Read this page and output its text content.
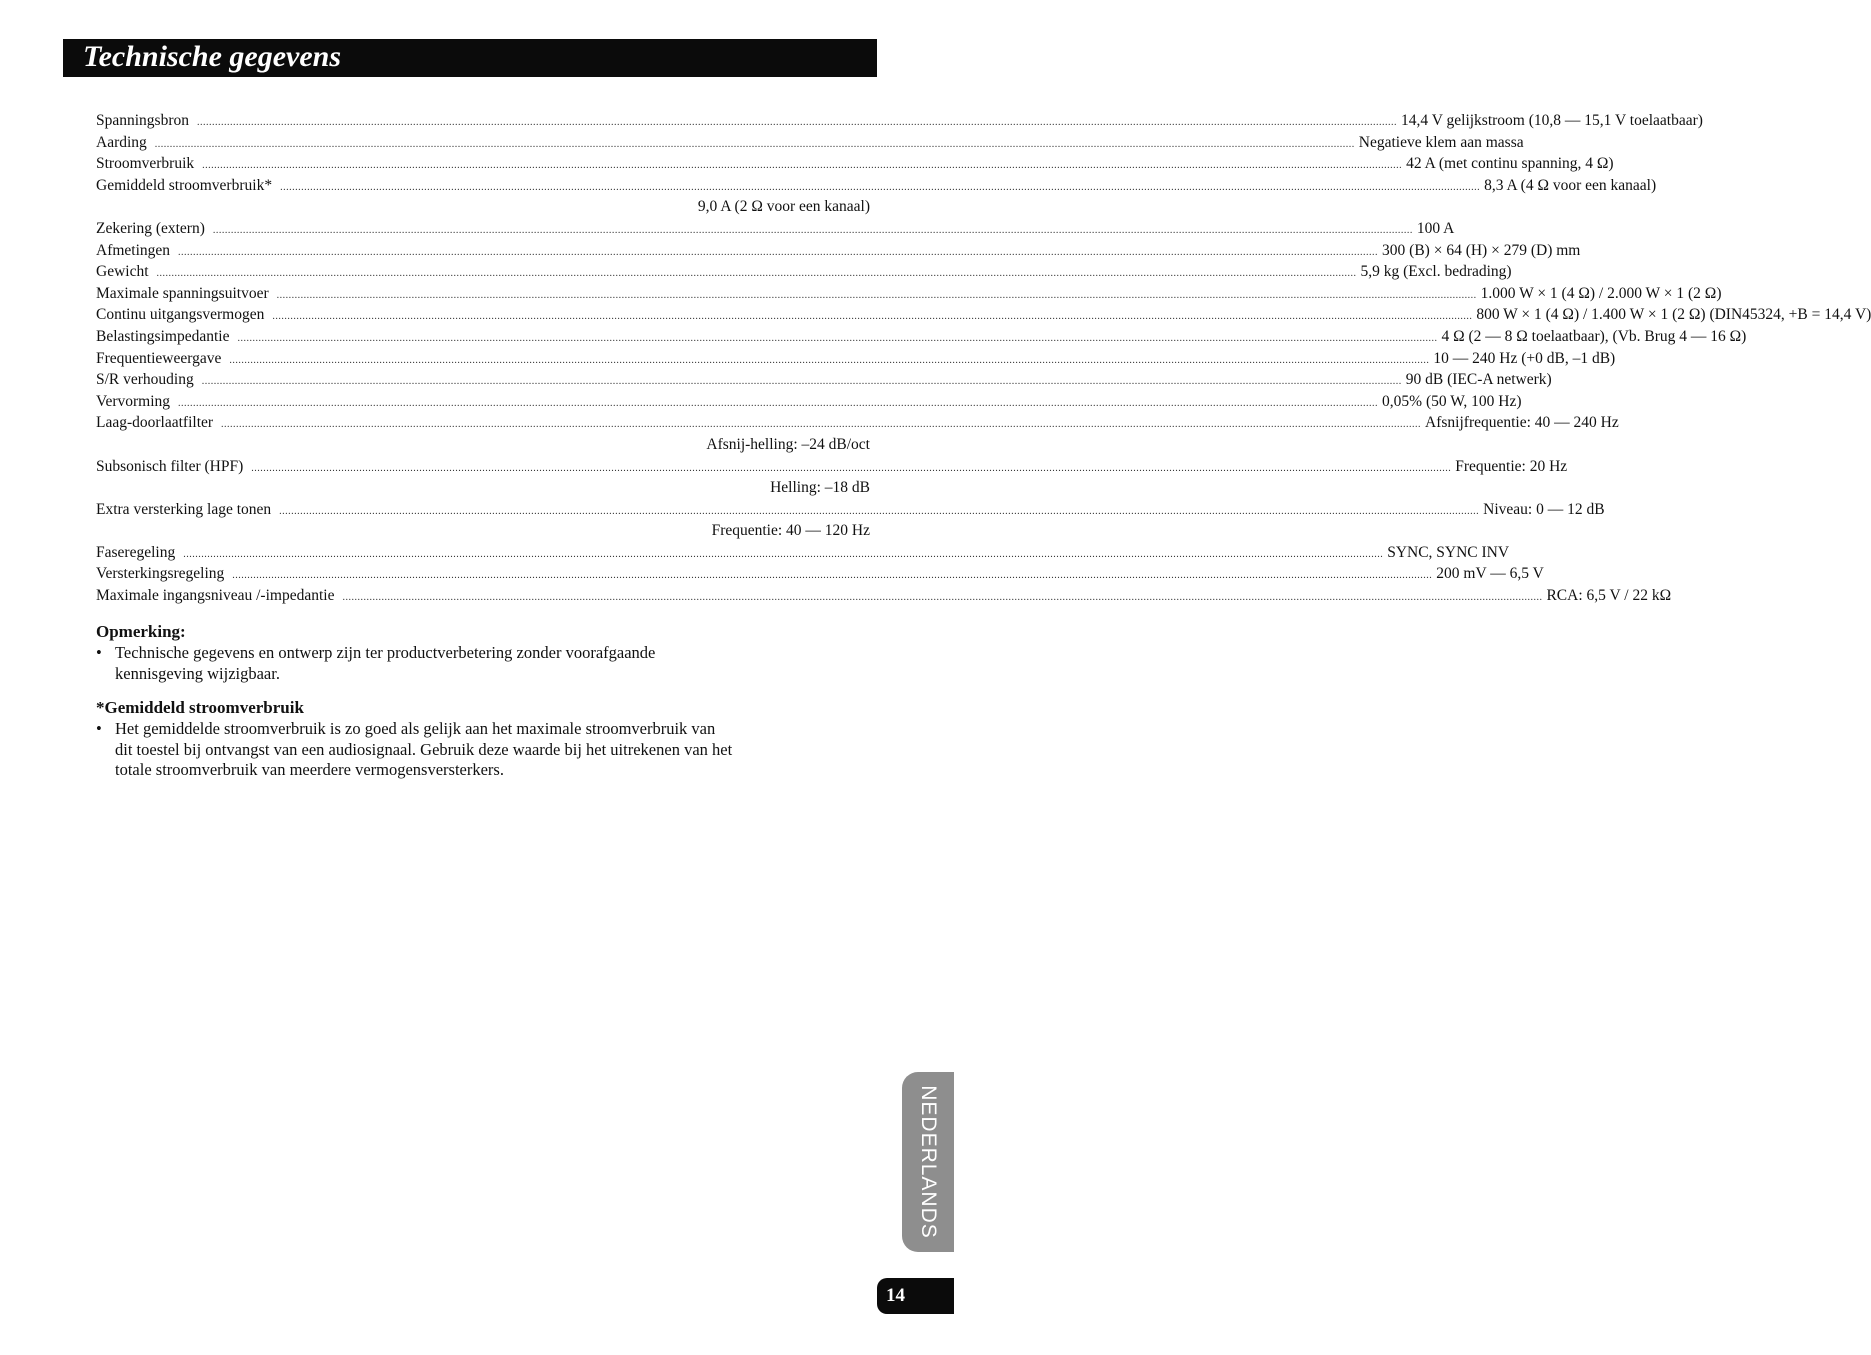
Technische gegevens
Spanningsbron ................................................................................................................................................................................................................................................................................................................................................................................................................ 14,4 V gelijkstroom (10,8 — 15,1 V toelaatbaar)
Aarding ................................................................................................................................................................................................................................................................................................................................................................................................................ Negatieve klem aan massa
Stroomverbruik ................................................................................................................................................................................................................................................................................................................................................................................................................ 42 A (met continu spanning, 4 Ω)
Gemiddeld stroomverbruik* ................................................................................................................................................................................................................................................................................................................................................................................................................ 8,3 A (4 Ω voor een kanaal)
9,0 A (2 Ω voor een kanaal)
Zekering (extern) ................................................................................................................................................................................................................................................................................................................................................................................................................ 100 A
Afmetingen ................................................................................................................................................................................................................................................................................................................................................................................................................ 300 (B) × 64 (H) × 279 (D) mm
Gewicht ................................................................................................................................................................................................................................................................................................................................................................................................................ 5,9 kg (Excl. bedrading)
Maximale spanningsuitvoer ................................................................................................................................................................................................................................................................................................................................................................................................................ 1.000 W × 1 (4 Ω) / 2.000 W × 1 (2 Ω)
Continu uitgangsvermogen ................................................................................................................................................................................................................................................................................................................................................................................................................ 800 W × 1 (4 Ω) / 1.400 W × 1 (2 Ω) (DIN45324, +B = 14,4 V)
Belastingsimpedantie ................................................................................................................................................................................................................................................................................................................................................................................................................ 4 Ω (2 — 8 Ω toelaatbaar), (Vb. Brug 4 — 16 Ω)
Frequentieweergave ................................................................................................................................................................................................................................................................................................................................................................................................................ 10 — 240 Hz (+0 dB, –1 dB)
S/R verhouding ................................................................................................................................................................................................................................................................................................................................................................................................................ 90 dB (IEC-A netwerk)
Vervorming ................................................................................................................................................................................................................................................................................................................................................................................................................ 0,05% (50 W, 100 Hz)
Laag-doorlaatfilter ................................................................................................................................................................................................................................................................................................................................................................................................................ Afsnijfrequentie: 40 — 240 Hz
Afsnij-helling: –24 dB/oct
Subsonisch filter (HPF) ................................................................................................................................................................................................................................................................................................................................................................................................................ Frequentie: 20 Hz
Helling: –18 dB
Extra versterking lage tonen ................................................................................................................................................................................................................................................................................................................................................................................................................ Niveau: 0 — 12 dB
Frequentie: 40 — 120 Hz
Faseregeling ................................................................................................................................................................................................................................................................................................................................................................................................................ SYNC, SYNC INV
Versterkingsregeling ................................................................................................................................................................................................................................................................................................................................................................................................................ 200 mV — 6,5 V
Maximale ingangsniveau /-impedantie ................................................................................................................................................................................................................................................................................................................................................................................................................ RCA: 6,5 V / 22 kΩ
Opmerking:
• Technische gegevens en ontwerp zijn ter productverbetering zonder voorafgaande kennisgeving wijzigbaar.
*Gemiddeld stroomverbruik
• Het gemiddelde stroomverbruik is zo goed als gelijk aan het maximale stroomverbruik van dit toestel bij ontvangst van een audiosignaal. Gebruik deze waarde bij het uitrekenen van het totale stroomverbruik van meerdere vermogensversterkers.
NEDERLANDS
14
